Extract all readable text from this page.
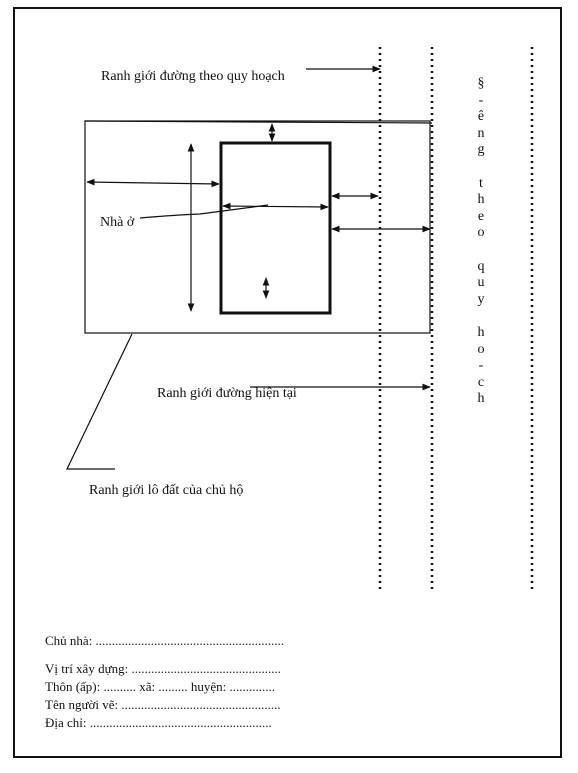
Ranh giới đường theo quy hoạch
Nhà ở
Ranh giới đường hiện tại
Ranh giới lô đất của chủ hộ
§
-
ê
n
g
t
h
e
o
q
u
y
h
o
-
c
h
Chủ nhà: ..........................................................
Vị trí xây dựng: ..............................................
Thôn (ấp): .......... xã: ......... huyện: ..............
Tên người vẽ: .................................................
Địa chỉ: ........................................................
